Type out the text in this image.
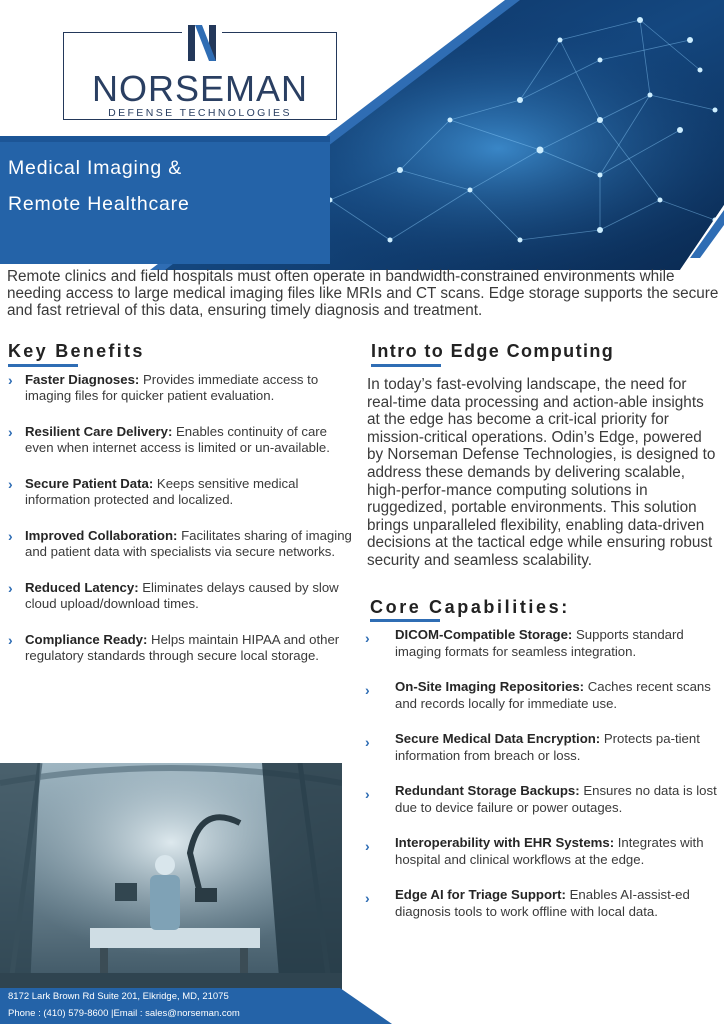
Medical Imaging &
Remote Healthcare
NORSEMAN
DEFENSE TECHNOLOGIES
Remote clinics and field hospitals must often operate in bandwidth-constrained environments while needing access to large medical imaging files like MRIs and CT scans. Edge storage supports the secure and fast retrieval of this data, ensuring timely diagnosis and treatment.
Key Benefits
› Faster Diagnoses: Provides immediate access to imaging files for quicker patient evaluation.
› Resilient Care Delivery: Enables continuity of care even when internet access is limited or un-available.
› Secure Patient Data: Keeps sensitive medical information protected and localized.
› Improved Collaboration: Facilitates sharing of imaging and patient data with specialists via secure networks.
› Reduced Latency: Eliminates delays caused by slow cloud upload/download times.
› Compliance Ready: Helps maintain HIPAA and other regulatory standards through secure local storage.
Intro to Edge Computing
In today’s fast-evolving landscape, the need for real-time data processing and action-able insights at the edge has become a crit-ical priority for mission-critical operations. Odin’s Edge, powered by Norseman Defense Technologies, is designed to address these demands by delivering scalable, high-perfor-mance computing solutions in ruggedized, portable environments. This solution brings unparalleled flexibility, enabling data-driven decisions at the tactical edge while ensuring robust security and seamless scalability.
Core Capabilities:
› DICOM-Compatible Storage: Supports standard imaging formats for seamless integration.
› On-Site Imaging Repositories: Caches recent scans and records locally for immediate use.
› Secure Medical Data Encryption: Protects pa-tient information from breach or loss.
› Redundant Storage Backups: Ensures no data is lost due to device failure or power outages.
› Interoperability with EHR Systems: Integrates with hospital and clinical workflows at the edge.
› Edge AI for Triage Support: Enables AI-assist-ed diagnosis tools to work offline with local data.
8172 Lark Brown Rd Suite 201, Elkridge, MD, 21075
Phone : (410) 579-8600 |Email : sales@norseman.com
